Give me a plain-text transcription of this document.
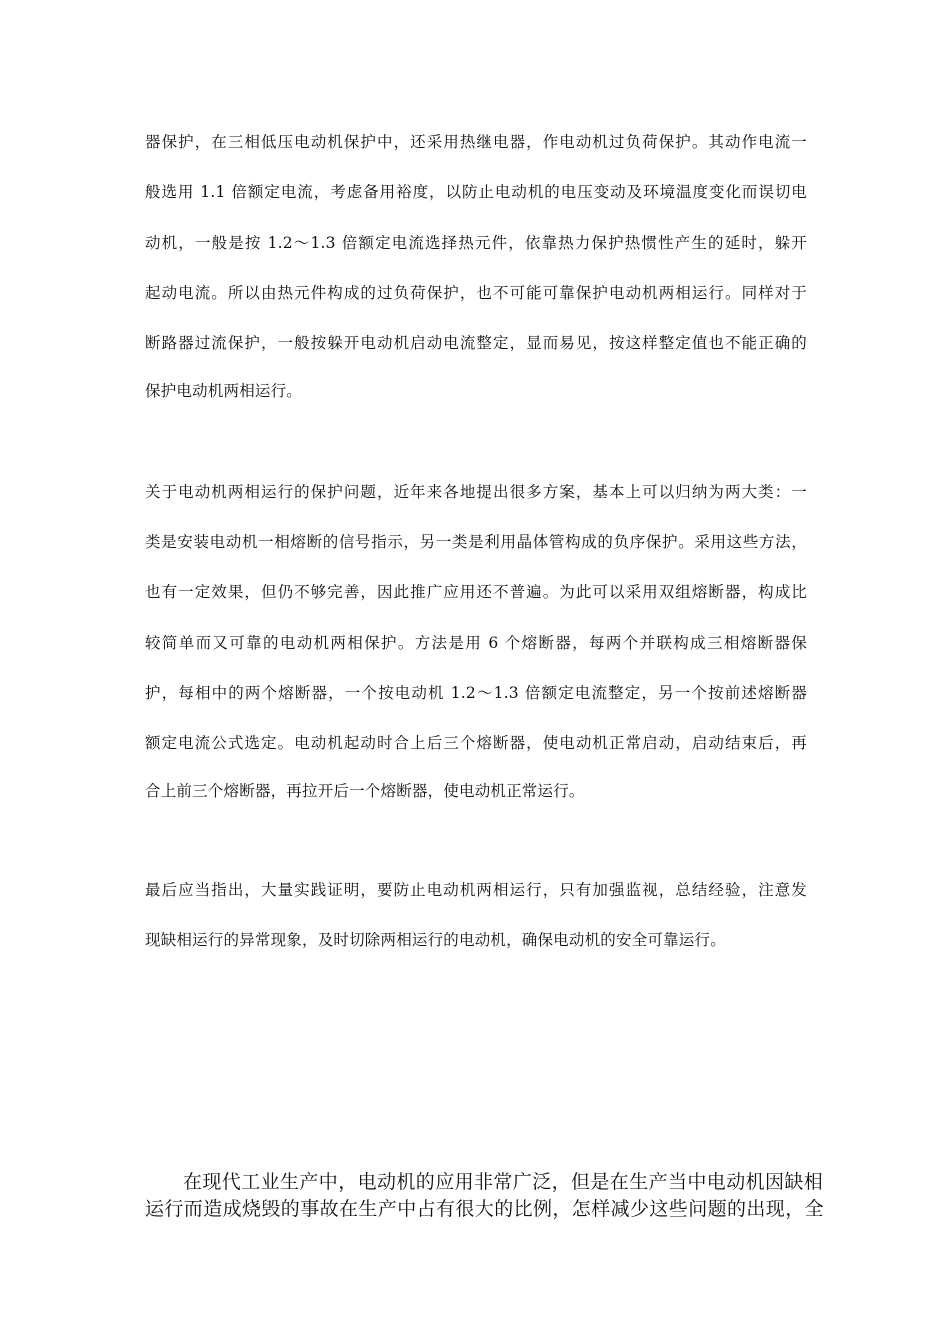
器保护，在三相低压电动机保护中，还采用热继电器，作电动机过负荷保护。其动作电流一
般选用 1.1 倍额定电流，考虑备用裕度，以防止电动机的电压变动及环境温度变化而误切电
动机，一般是按 1.2～1.3 倍额定电流选择热元件，依靠热力保护热惯性产生的延时，躲开
起动电流。所以由热元件构成的过负荷保护，也不可能可靠保护电动机两相运行。同样对于
断路器过流保护，一般按躲开电动机启动电流整定，显而易见，按这样整定值也不能正确的
保护电动机两相运行。
关于电动机两相运行的保护问题，近年来各地提出很多方案，基本上可以归纳为两大类：一
类是安装电动机一相熔断的信号指示，另一类是利用晶体管构成的负序保护。采用这些方法，
也有一定效果，但仍不够完善，因此推广应用还不普遍。为此可以采用双组熔断器，构成比
较简单而又可靠的电动机两相保护。方法是用 6 个熔断器，每两个并联构成三相熔断器保
护，每相中的两个熔断器，一个按电动机 1.2～1.3 倍额定电流整定，另一个按前述熔断器
额定电流公式选定。电动机起动时合上后三个熔断器，使电动机正常启动，启动结束后，再
合上前三个熔断器，再拉开后一个熔断器，使电动机正常运行。
最后应当指出，大量实践证明，要防止电动机两相运行，只有加强监视，总结经验，注意发
现缺相运行的异常现象，及时切除两相运行的电动机，确保电动机的安全可靠运行。
在现代工业生产中，电动机的应用非常广泛，但是在生产当中电动机因缺相
运行而造成烧毁的事故在生产中占有很大的比例，怎样减少这些问题的出现，全
